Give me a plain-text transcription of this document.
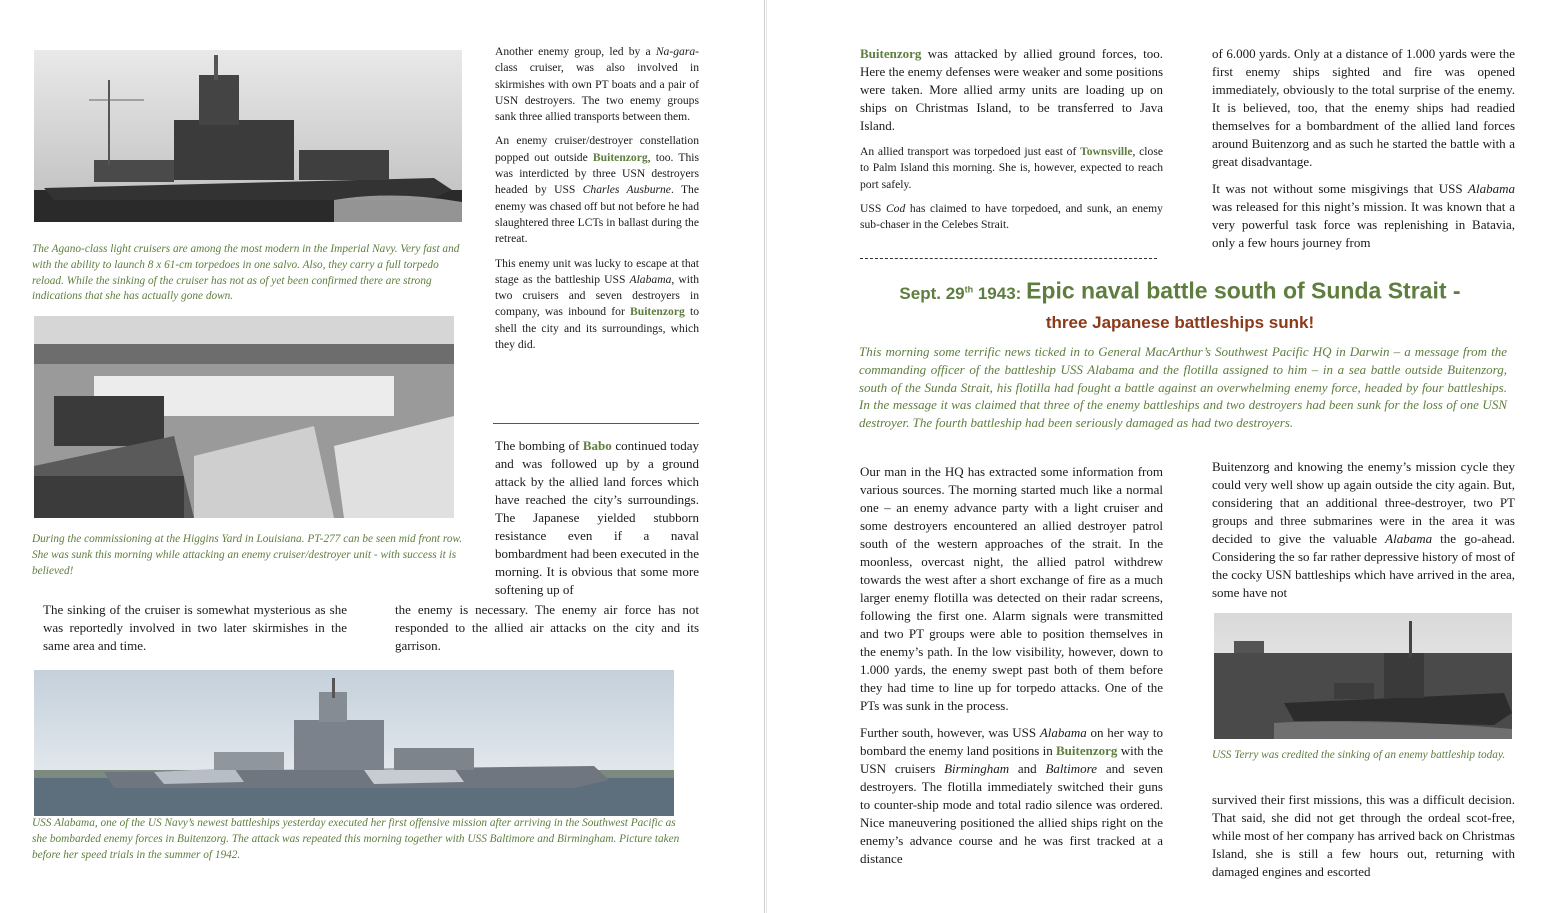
The Agano-class light cruisers are among the most modern in the Imperial Navy. Very fast and with the ability to launch 8 x 61-cm torpedoes in one salvo. Also, they carry a full torpedo reload. While the sinking of the cruiser has not as of yet been confirmed there are strong indications that she has actually gone down.

During the commissioning at the Higgins Yard in Louisiana. PT-277 can be seen mid front row. She was sunk this morning while attacking an enemy cruiser/destroyer unit - with success it is believed!

Another enemy group, led by a Na-gara-class cruiser, was also involved in skirmishes with own PT boats and a pair of USN destroyers. The two enemy groups sank three allied transports between them.

An enemy cruiser/destroyer constellation popped out outside Buitenzorg, too. This was interdicted by three USN destroyers headed by USS Charles Ausburne. The enemy was chased off but not before he had slaughtered three LCTs in ballast during the retreat.

This enemy unit was lucky to escape at that stage as the battleship USS Alabama, with two cruisers and seven destroyers in company, was inbound for Buitenzorg to shell the city and its surroundings, which they did.

The bombing of Babo continued today and was followed up by a ground attack by the allied land forces which have reached the city’s surroundings. The Japanese yielded stubborn resistance even if a naval bombardment had been executed in the morning. It is obvious that some more softening up of

The sinking of the cruiser is somewhat mysterious as she was reportedly involved in two later skirmishes in the same area and time.

the enemy is necessary. The enemy air force has not responded to the allied air attacks on the city and its garrison.

USS Alabama, one of the US Navy’s newest battleships yesterday executed her first offensive mission after arriving in the Southwest Pacific as she bombarded enemy forces in Buitenzorg. The attack was repeated this morning together with USS Baltimore and Birmingham. Picture taken before her speed trials in the summer of 1942.

Buitenzorg was attacked by allied ground forces, too. Here the enemy defenses were weaker and some positions were taken. More allied army units are loading up on ships on Christmas Island, to be transferred to Java Island.

An allied transport was torpedoed just east of Townsville, close to Palm Island this morning. She is, however, expected to reach port safely.

USS Cod has claimed to have torpedoed, and sunk, an enemy sub-chaser in the Celebes Strait.

of 6.000 yards. Only at a distance of 1.000 yards were the first enemy ships sighted and fire was opened immediately, obviously to the total surprise of the enemy. It is believed, too, that the enemy ships had readied themselves for a bombardment of the allied land forces around Buitenzorg and as such he started the battle with a great disadvantage.

It was not without some misgivings that USS Alabama was released for this night’s mission. It was known that a very powerful task force was replenishing in Batavia, only a few hours journey from

Sept. 29th 1943: Epic naval battle south of Sunda Strait -
three Japanese battleships sunk!

This morning some terrific news ticked in to General MacArthur’s Southwest Pacific HQ in Darwin – a message from the commanding officer of the battleship USS Alabama and the flotilla assigned to him – in a sea battle outside Buitenzorg, south of the Sunda Strait, his flotilla had fought a battle against an overwhelming enemy force, headed by four battleships. In the message it was claimed that three of the enemy battleships and two destroyers had been sunk for the loss of one USN destroyer. The fourth battleship had been seriously damaged as had two destroyers.

Our man in the HQ has extracted some information from various sources. The morning started much like a normal one – an enemy advance party with a light cruiser and some destroyers encountered an allied destroyer patrol south of the western approaches of the strait. In the moonless, overcast night, the allied patrol withdrew towards the west after a short exchange of fire as a much larger enemy flotilla was detected on their radar screens, following the first one. Alarm signals were transmitted and two PT groups were able to position themselves in the enemy’s path. In the low visibility, however, down to 1.000 yards, the enemy swept past both of them before they had time to line up for torpedo attacks. One of the PTs was sunk in the process.

Further south, however, was USS Alabama on her way to bombard the enemy land positions in Buitenzorg with the USN cruisers Birmingham and Baltimore and seven destroyers. The flotilla immediately switched their guns to counter-ship mode and total radio silence was ordered. Nice maneuvering positioned the allied ships right on the enemy’s advance course and he was first tracked at a distance

Buitenzorg and knowing the enemy’s mission cycle they could very well show up again outside the city again. But, considering that an additional three-destroyer, two PT groups and three submarines were in the area it was decided to give the valuable Alabama the go-ahead. Considering the so far rather depressive history of most of the cocky USN battleships which have arrived in the area, some have not

USS Terry was credited the sinking of an enemy battleship today.

survived their first missions, this was a difficult decision. That said, she did not get through the ordeal scot-free, while most of her company has arrived back on Christmas Island, she is still a few hours out, returning with damaged engines and escorted
